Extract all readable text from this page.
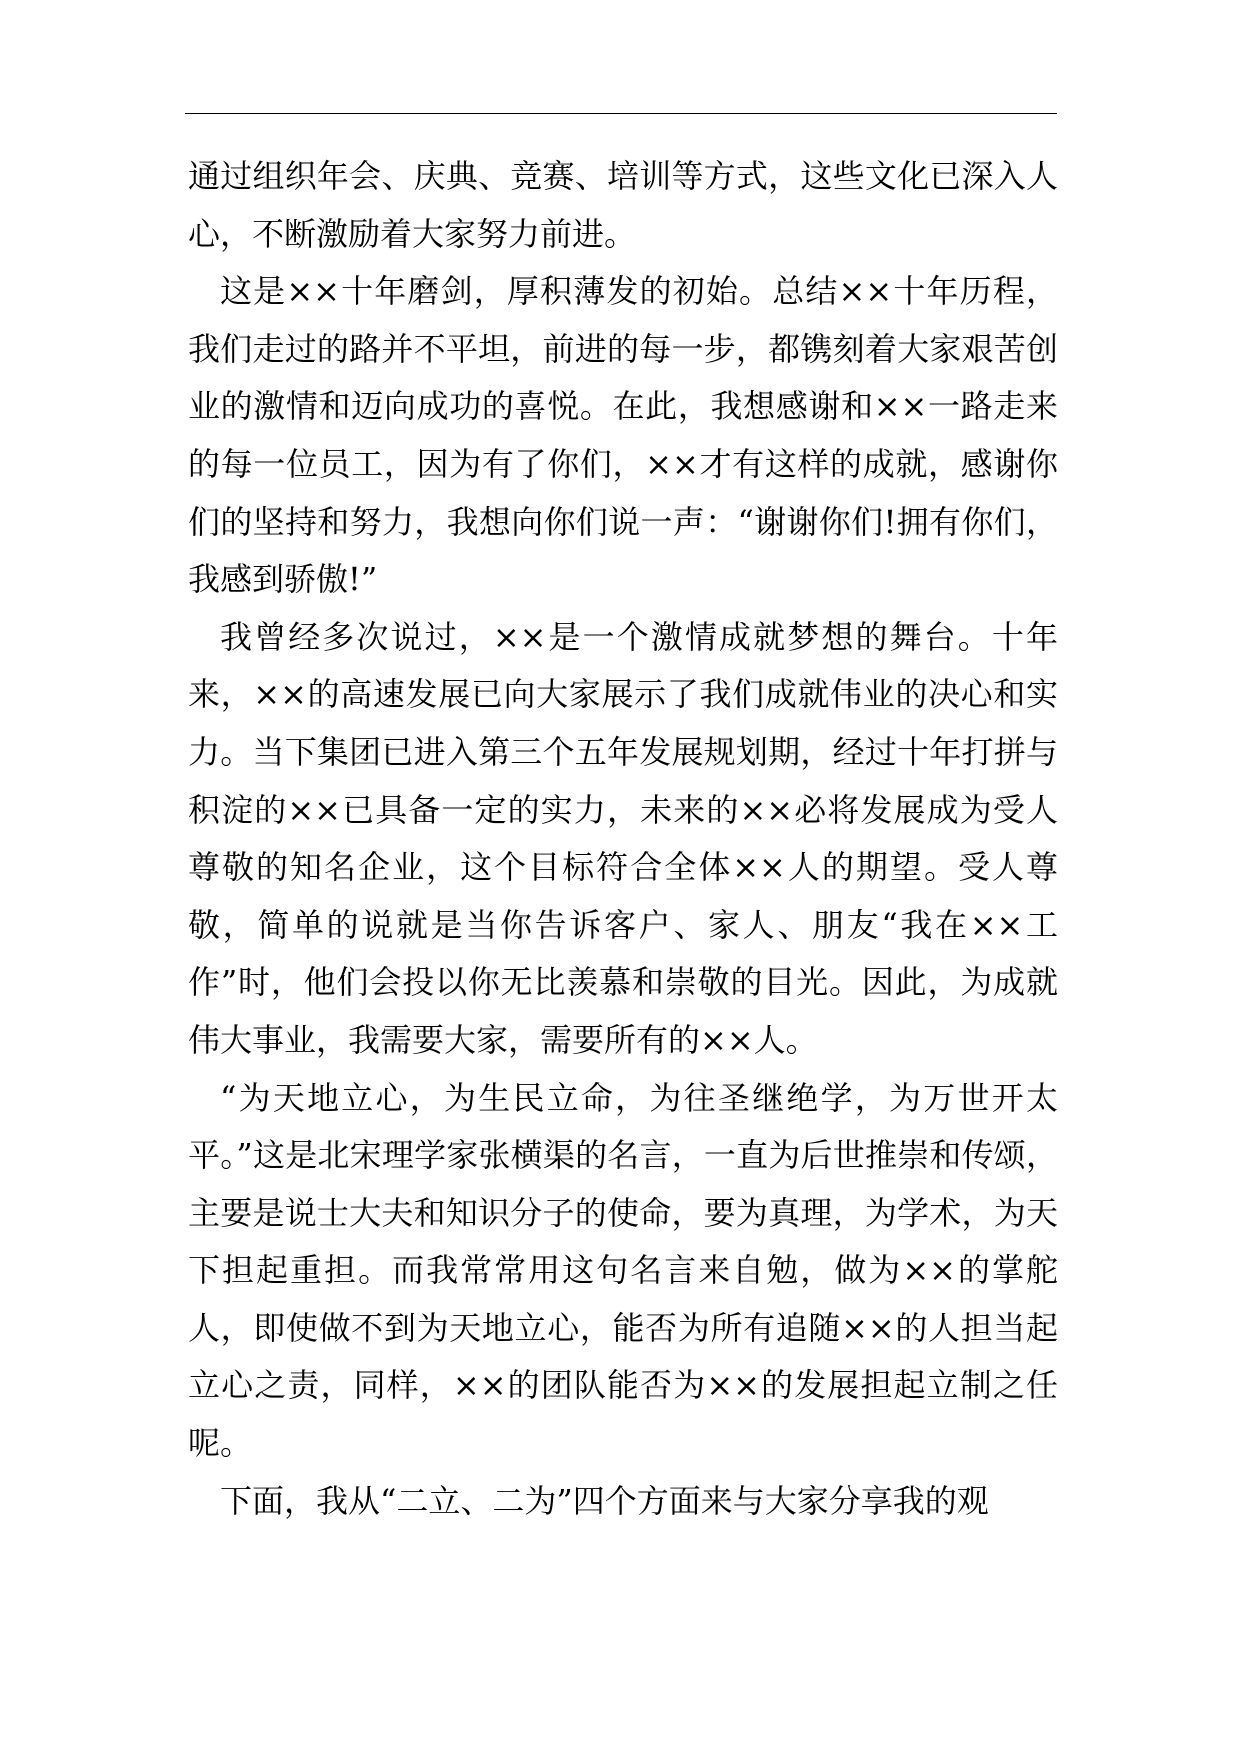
通过组织年会、庆典、竞赛、培训等方式，这些文化已深入人心，不断激励着大家努力前进。

这是××十年磨剑，厚积薄发的初始。总结××十年历程，我们走过的路并不平坦，前进的每一步，都镌刻着大家艰苦创业的激情和迈向成功的喜悦。在此，我想感谢和××一路走来的每一位员工，因为有了你们，××才有这样的成就，感谢你们的坚持和努力，我想向你们说一声：“谢谢你们!拥有你们，我感到骄傲!”

我曾经多次说过，××是一个激情成就梦想的舞台。十年来，××的高速发展已向大家展示了我们成就伟业的决心和实力。当下集团已进入第三个五年发展规划期，经过十年打拼与积淀的××已具备一定的实力，未来的××必将发展成为受人尊敬的知名企业，这个目标符合全体××人的期望。受人尊敬，简单的说就是当你告诉客户、家人、朋友“我在××工作”时，他们会投以你无比羡慕和崇敬的目光。因此，为成就伟大事业，我需要大家，需要所有的××人。

“为天地立心，为生民立命，为往圣继绝学，为万世开太平。”这是北宋理学家张横渠的名言，一直为后世推崇和传颂，主要是说士大夫和知识分子的使命，要为真理，为学术，为天下担起重担。而我常常用这句名言来自勉，做为××的掌舵人，即使做不到为天地立心，能否为所有追随××的人担当起立心之责，同样，××的团队能否为××的发展担起立制之任呢。

下面，我从“二立、二为”四个方面来与大家分享我的观
